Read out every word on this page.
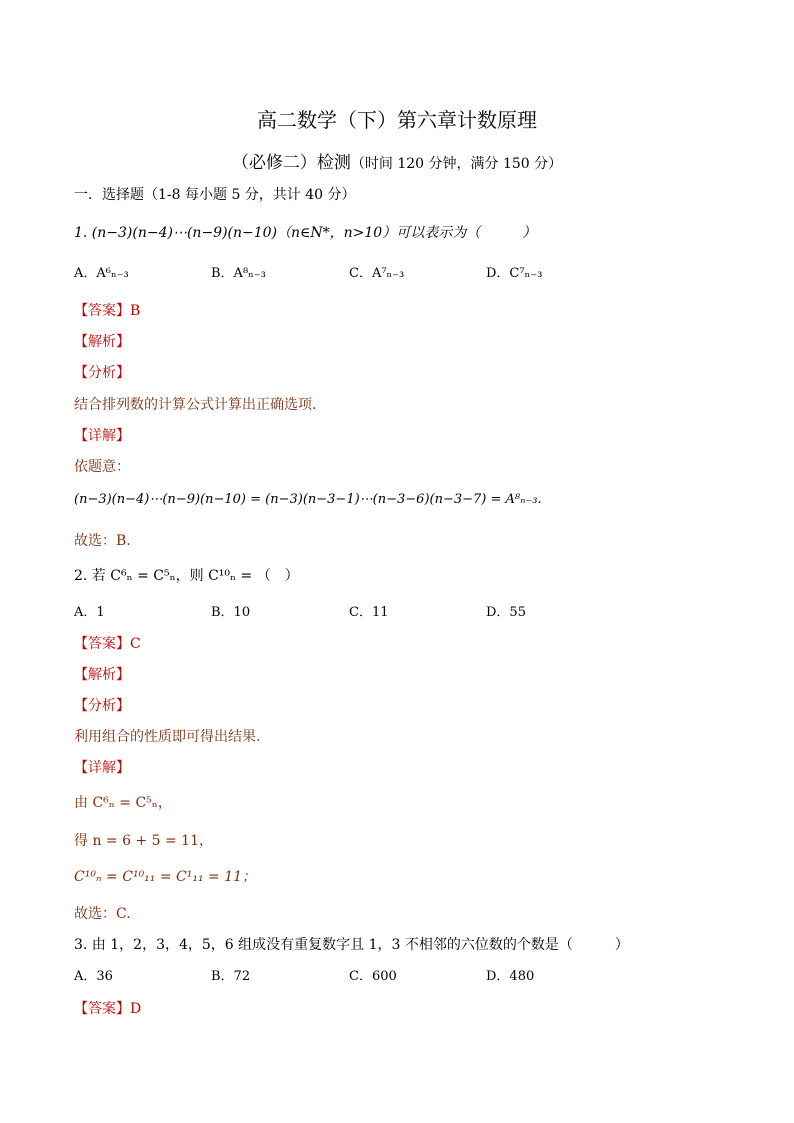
高二数学（下）第六章计数原理
（必修二）检测（时间 120 分钟，满分 150 分）
一．选择题（1-8 每小题 5 分，共计 40 分）
1. (n−3)(n−4)⋯(n−9)(n−10)（n∈N*，n>10）可以表示为（　　　）
A．A⁶ₙ₋₃	B．A⁸ₙ₋₃	C．A⁷ₙ₋₃	D．C⁷ₙ₋₃
【答案】B
【解析】
【分析】
结合排列数的计算公式计算出正确选项.
【详解】
依题意：
(n−3)(n−4)⋯(n−9)(n−10) = (n−3)(n−3−1)⋯(n−3−6)(n−3−7) = A⁸ₙ₋₃.
故选：B.
2. 若 C⁶ₙ = C⁵ₙ，则 C¹⁰ₙ = （　）
A．1	B．10	C．11	D．55
【答案】C
【解析】
【分析】
利用组合的性质即可得出结果.
【详解】
由 C⁶ₙ = C⁵ₙ，
得 n = 6 + 5 = 11，
C¹⁰ₙ = C¹⁰₁₁ = C¹₁₁ = 11；
故选：C.
3. 由 1，2，3，4，5，6 组成没有重复数字且 1，3 不相邻的六位数的个数是（　　　）
A．36	B．72	C．600	D．480
【答案】D
